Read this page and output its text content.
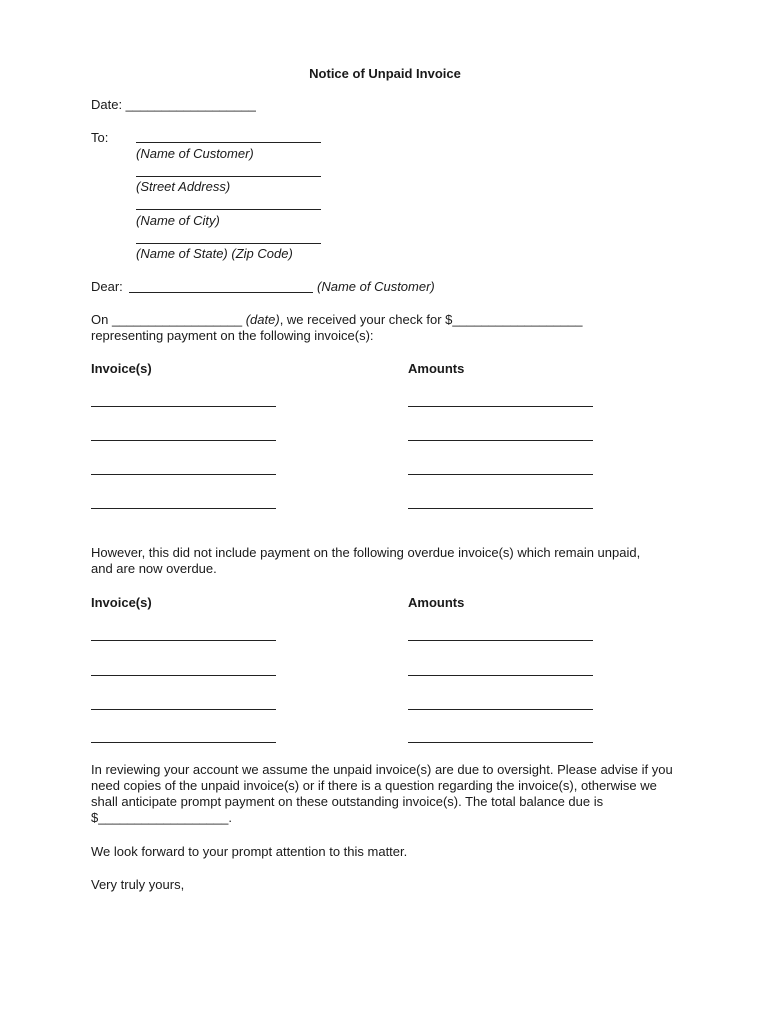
Notice of Unpaid Invoice
Date: __________________
To:
(Name of Customer)
(Street Address)
(Name of City)
(Name of State) (Zip Code)
Dear:	(Name of Customer)
On __________________ (date), we received your check for $__________________
representing payment on the following invoice(s):
Invoice(s)	Amounts
However, this did not include payment on the following overdue invoice(s) which remain unpaid, and are now overdue.
Invoice(s)	Amounts
In reviewing your account we assume the unpaid invoice(s) are due to oversight. Please advise if you need copies of the unpaid invoice(s) or if there is a question regarding the invoice(s), otherwise we shall anticipate prompt payment on these outstanding invoice(s). The total balance due is $__________________.
We look forward to your prompt attention to this matter.
Very truly yours,
